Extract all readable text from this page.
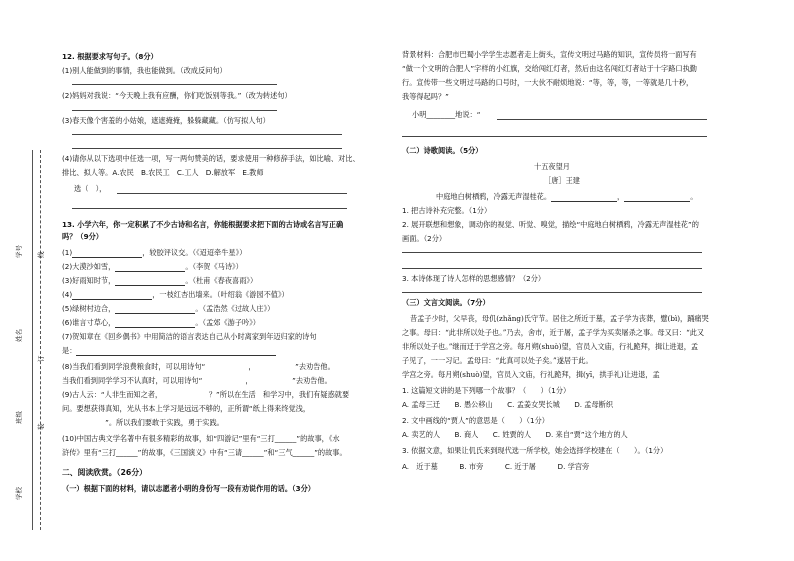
学号
姓名
班级
学校
线
订
装
12. 根据要求写句子。（8分）
(1)别人能做到的事情，我也能做到。（改成反问句）
(2)妈妈对我说：“今天晚上我有应酬，你们吃饭别等我。”（改为转述句）
(3)春天像个害羞的小姑娘，遮遮掩掩，躲躲藏藏。（仿写拟人句）
(4)请你从以下选项中任选一项，写一两句赞美的话，要求使用一种修辞手法，如比喻、对比、
排比、拟人等。A.农民　B.农民工　C.工人　D.解放军　E.教师
选（　），
13. 小学六年，你一定积累了不少古诗和名言，你能根据要求把下面的古诗或名言写正确
吗？（9分）
(1)	，较胶评议交。（《迢迢牵牛星》）
(2)大漠沙如雪，	。（李贺《马诗》）
(3)好雨知时节，	。（杜甫《春夜喜雨》）
(4)	，一枝红杏出墙来。（叶绍翁《游园不值》）
(5)绿树村边合，	。（孟浩然《过故人庄》）
(6)谁言寸草心，	。（孟郊《游子吟》）
(7)贺知章在《回乡偶书》中用简洁的语言表达自己从小时离家到年迈归家的诗句
是：
(8)当我们看到同学浪费粮食时，可以用诗句“　　　　　　，　　　　　　”去劝告他。
当我们看到同学学习不认真时，可以用诗句“　　　　　　，　　　　　　”去劝告他。
(9)古人云：“人非生而知之者，　　　　　　　？”所以在生活　和学习中，我们有疑惑就要
问。要想获得真知，光从书本上学习是远远不够的，正所谓“纸上得来终觉浅，
　　　　　　”。所以我们要敢于实践，勇于实践。
(10)中国古典文学名著中有很多精彩的故事，如“四游记”里有“三打______”的故事，《水
浒传》里有“三打______”的故事，《三国演义》中有“三请______”和“三气______”的故事。
二、阅读欣赏。（26分）
（一）根据下面的材料，请以志愿者小明的身份写一段有劝说作用的话。（3分）
背景材料：合肥市巴蜀小学学生志愿者走上街头，宣传文明过马路的知识，宣传员将一面写有
“做一个文明的合肥人”字样的小红旗，交给闯红灯者，然后由这名闯红灯者站于十字路口执勤
行。宣传带一些文明过马路的口号时，一大伙不耐烦地说：“等，等，等，一等就是几十秒，
我等得起吗？”
小明________地说：“
（二）诗歌阅读。（5分）
十五夜望月
［唐］王建
中庭地白树栖鸦，冷露无声湿桂花。	，	。
1. 把古诗补充完整。（1分）
2. 展开联想和想象，调动你的视觉、听觉、嗅觉，描绘“中庭地白树栖鸦，冷露无声湿桂花”的
画面。（2分）
3. 本诗体现了诗人怎样的思想感情？（2分）
（三）文言文阅读。（7分）
昔孟子少时，父早丧，母仉(zhǎng)氏守节。居住之所近于墓，孟子学为丧葬，躄(bì)，踊痛哭
之事。母曰：“此非所以处子也。”乃去，舍市，近于屠，孟子学为买卖屠杀之事。母又曰：“此又
非所以处子也。”继而迁于学宫之旁。每月朔(shuò)望，官员入文庙，行礼跪拜，揖让进退，孟
子见了，一一习记。孟母曰：“此真可以处子矣。”遂居于此。
学宫之旁。每月朔(shuò)望，官员入文庙，行礼跪拜，揖(yī，拱手礼)让进退，孟
1. 这篇短文讲的是下列哪一个故事？（　　）（1分）
A. 孟母三迁　　B. 愚公移山　　C. 孟姜女哭长城　　D. 孟母断织
2. 文中画线的“贾人”的意思是（　　）（1分）
A. 卖艺的人　　B. 商人　　C. 姓贾的人　　D. 来自“贾”这个地方的人
3. 依据文意，如果让仉氏来到现代选一所学校，她会选择学校建在（　　）。（1分）
A.　近于墓　　　B. 市旁　　　C. 近于屠　　　D. 学宫旁
